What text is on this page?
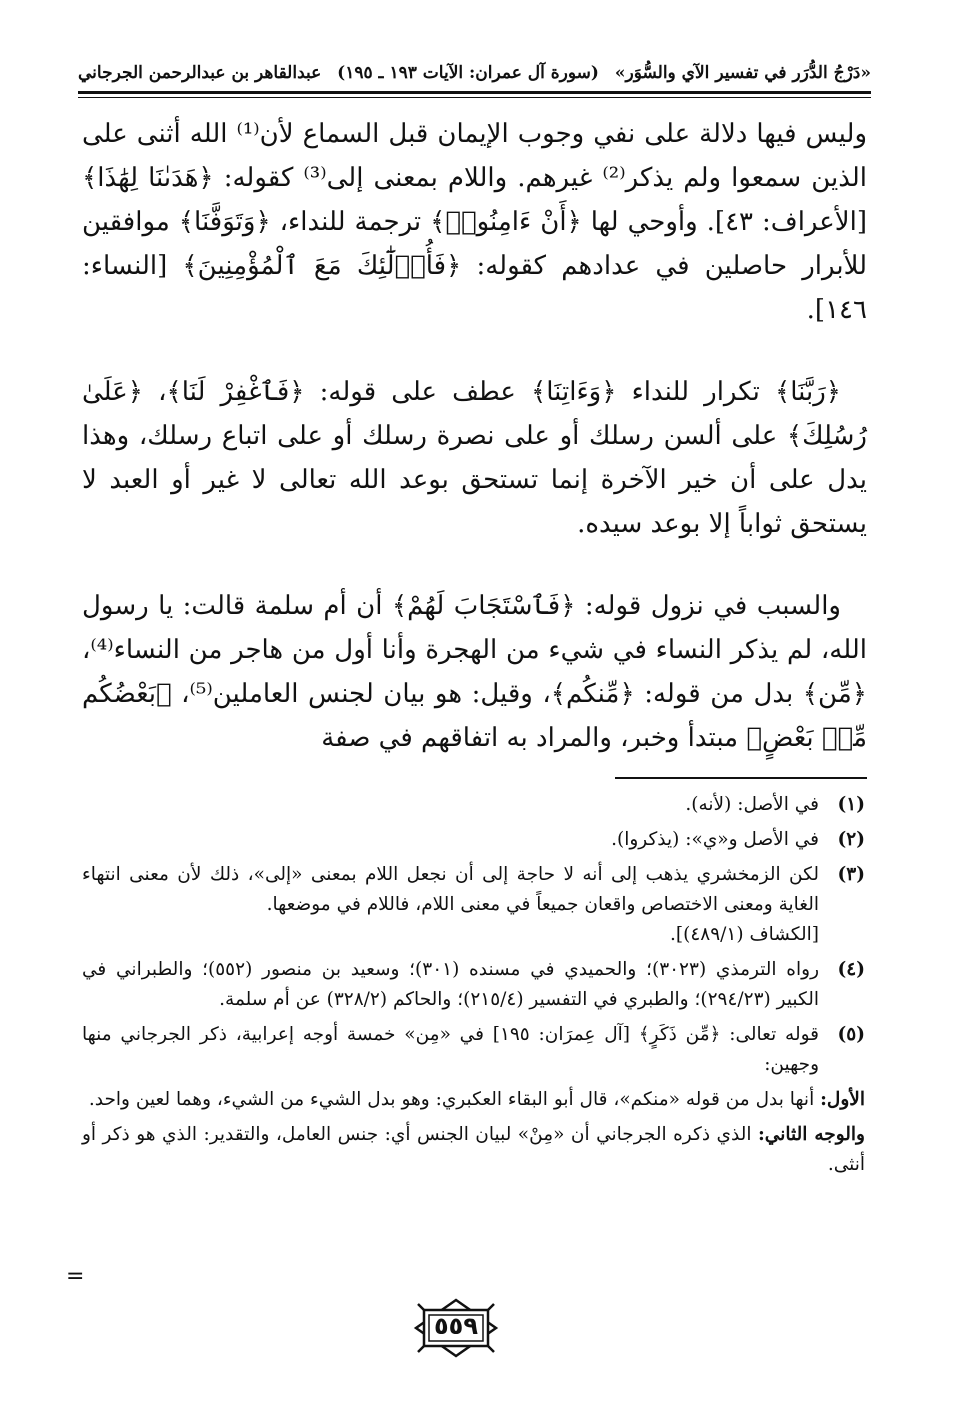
«دَرْجُ الدُّرَر في تفسير الآي والسُّوَر»
(سورة آل عمران: الآيات ١٩٣ ـ ١٩٥)
عبدالقاهر بن عبدالرحمن الجرجاني

وليس فيها دلالة على نفي وجوب الإيمان قبل السماع لأن⁽¹⁾ الله أثنى على الذين سمعوا ولم يذكر⁽²⁾ غيرهم. واللام بمعنى إلى⁽³⁾ كقوله: ﴿هَدَىٰنَا لِهَٰذَا﴾ [الأعراف: ٤٣]. وأوحي لها ﴿أَنْ ءَامِنُوا۟﴾ ترجمة للنداء، ﴿وَتَوَفَّنَا﴾ موافقين للأبرار حاصلين في عدادهم كقوله: ﴿فَأُو۟لَٰٓئِكَ مَعَ ٱلْمُؤْمِنِينَ﴾ [النساء: ١٤٦].

﴿رَبَّنَا﴾ تكرار للنداء ﴿وَءَاتِنَا﴾ عطف على قوله: ﴿فَٱغْفِرْ لَنَا﴾، ﴿عَلَىٰ رُسُلِكَ﴾ على ألسن رسلك أو على نصرة رسلك أو على اتباع رسلك، وهذا يدل على أن خير الآخرة إنما تستحق بوعد الله تعالى لا غير أو العبد لا يستحق ثواباً إلا بوعد سيده.

والسبب في نزول قوله: ﴿فَٱسْتَجَابَ لَهُمْ﴾ أن أم سلمة قالت: يا رسول الله، لم يذكر النساء في شيء من الهجرة وأنا أول من هاجر من النساء⁽⁴⁾، ﴿مِّن﴾ بدل من قوله: ﴿مِّنكُم﴾، وقيل: هو بيان لجنس العاملين⁽⁵⁾، ﴿بَعْضُكُم مِّنۢ بَعْضٍ﴾ مبتدأ وخبر، والمراد به اتفاقهم في صفة

(١)
في الأصل: (لأنه).
(٢)
في الأصل و«ي»: (يذكروا).
(٣)
لكن الزمخشري يذهب إلى أنه لا حاجة إلى أن نجعل اللام بمعنى «إلى»، ذلك لأن معنى انتهاء الغاية ومعنى الاختصاص واقعان جميعاً في معنى اللام، فاللام في موضعها.
[الكشاف (٤٨٩/١)].
(٤)
رواه الترمذي (٣٠٢٣)؛ والحميدي في مسنده (٣٠١)؛ وسعيد بن منصور (٥٥٢)؛ والطبراني في الكبير (٢٩٤/٢٣)؛ والطبري في التفسير (٢١٥/٤)؛ والحاكم (٣٢٨/٢) عن أم سلمة.
(٥)
قوله تعالى: ﴿مِّن ذَكَرٍ﴾ [آل عِمرَان: ١٩٥] في «مِن» خمسة أوجه إعرابية، ذكر الجرجاني منها وجهين:
الأول: أنها بدل من قوله «منكم»، قال أبو البقاء العكبري: وهو بدل الشيء من الشيء، وهما لعين واحد.
والوجه الثاني: الذي ذكره الجرجاني أن «مِنْ» لبيان الجنس أي: جنس العامل، والتقدير: الذي هو ذكر أو أنثى.
=
٥٥٩
